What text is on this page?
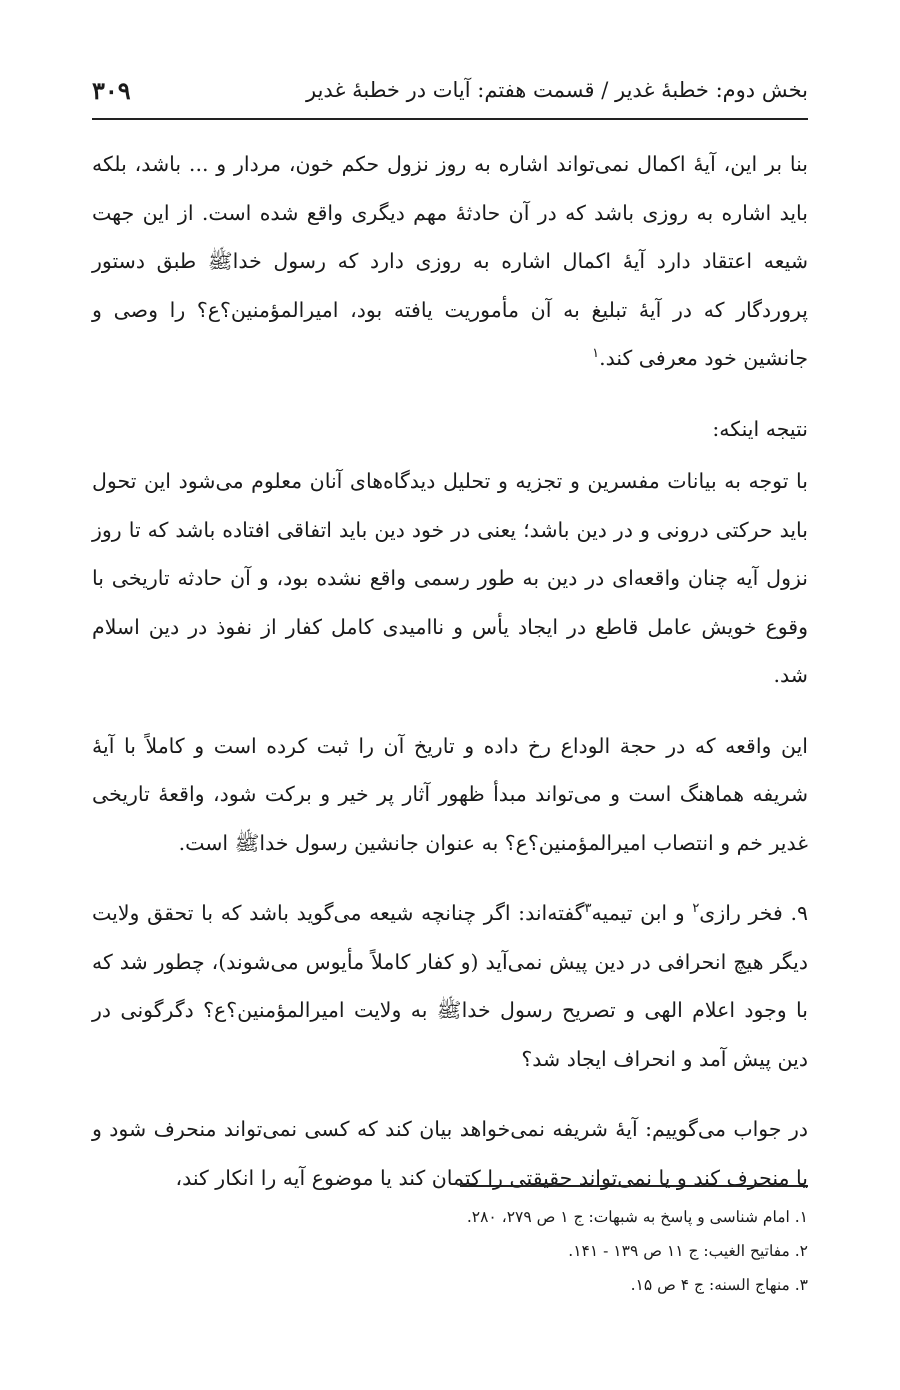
بخش دوم: خطبهٔ غدیر / قسمت هفتم: آیات در خطبهٔ غدیر
۳۰۹

بنا بر این، آیهٔ اکمال نمی‌تواند اشاره به روز نزول حکم خون، مردار و ... باشد، بلکه باید اشاره به روزی باشد که در آن حادثهٔ مهم دیگری واقع شده است. از این جهت شیعه اعتقاد دارد آیهٔ اکمال اشاره به روزی دارد که رسول خداﷺ طبق دستور پروردگار که در آیهٔ تبلیغ به آن مأموریت یافته بود، امیرالمؤمنین؟ع؟ را وصی و جانشین خود معرفی کند.$^۱$

نتیجه اینکه:

با توجه به بیانات مفسرین و تجزیه و تحلیل دیدگاه‌های آنان معلوم می‌شود این تحول باید حرکتی درونی و در دین باشد؛ یعنی در خود دین باید اتفاقی افتاده باشد که تا روز نزول آیه چنان واقعه‌ای در دین به طور رسمی واقع نشده بود، و آن حادثه تاریخی با وقوع خویش عامل قاطع در ایجاد یأس و ناامیدی کامل کفار از نفوذ در دین اسلام شد.

این واقعه که در حجة الوداع رخ داده و تاریخ آن را ثبت کرده است و کاملاً با آیهٔ شریفه هماهنگ است و می‌تواند مبدأ ظهور آثار پر خیر و برکت شود، واقعهٔ تاریخی غدیر خم و انتصاب امیرالمؤمنین؟ع؟ به عنوان جانشین رسول خداﷺ است.

۹. فخر رازی$^۲$ و ابن تیمیه$^۳$گفته‌اند: اگر چنانچه شیعه می‌گوید باشد که با تحقق ولایت دیگر هیچ انحرافی در دین پیش نمی‌آید (و کفار کاملاً مأیوس می‌شوند)، چطور شد که با وجود اعلام الهی و تصریح رسول خداﷺ به ولایت امیرالمؤمنین؟ع؟ دگرگونی در دین پیش آمد و انحراف ایجاد شد؟

در جواب می‌گوییم: آیهٔ شریفه نمی‌خواهد بیان کند که کسی نمی‌تواند منحرف شود و یا منحرف کند و یا نمی‌تواند حقیقتی را کتمان کند یا موضوع آیه را انکار کند،

۱. امام شناسی و پاسخ به شبهات: ج ۱ ص ۲۷۹، ۲۸۰.
۲. مفاتیح الغیب: ج ۱۱ ص ۱۳۹ - ۱۴۱.
۳. منهاج السنه: ج ۴ ص ۱۵.
